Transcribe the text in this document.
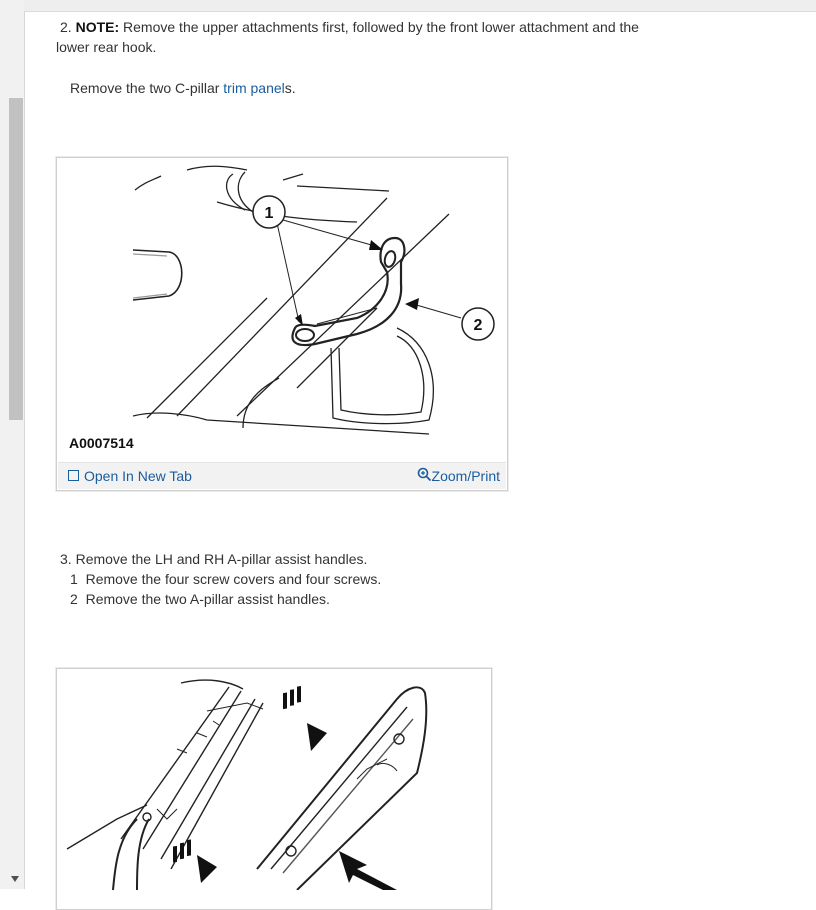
2. NOTE: Remove the upper attachments first, followed by the front lower attachment and the
lower rear hook.
Remove the two C-pillar trim panels.
1
2
A0007514
Open In New Tab	Zoom/Print
3. Remove the LH and RH A-pillar assist handles.
1 Remove the four screw covers and four screws.
2 Remove the two A-pillar assist handles.
